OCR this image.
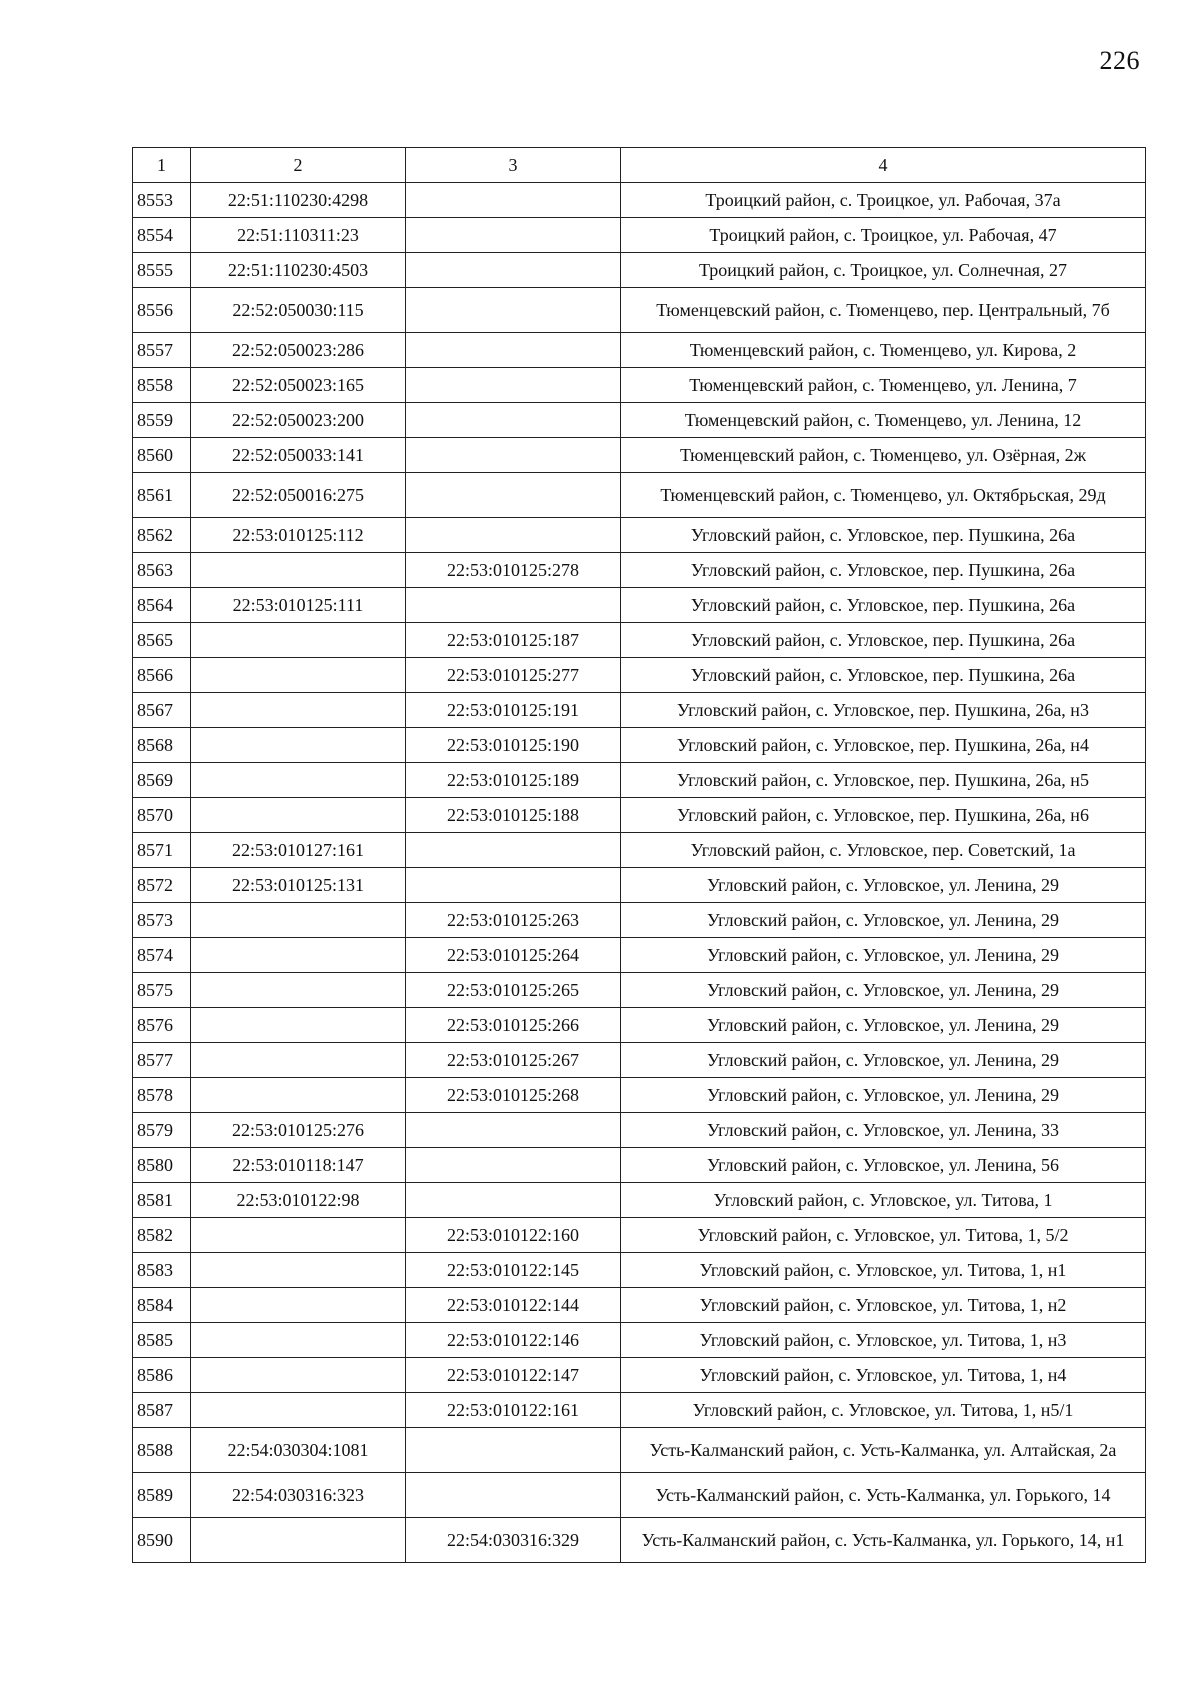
226
1	2	3	4
8553	22:51:110230:4298		Троицкий район, с. Троицкое, ул. Рабочая, 37а
8554	22:51:110311:23		Троицкий район, с. Троицкое, ул. Рабочая, 47
8555	22:51:110230:4503		Троицкий район, с. Троицкое, ул. Солнечная, 27
8556	22:52:050030:115		Тюменцевский район, с. Тюменцево, пер. Центральный, 7б
8557	22:52:050023:286		Тюменцевский район, с. Тюменцево, ул. Кирова, 2
8558	22:52:050023:165		Тюменцевский район, с. Тюменцево, ул. Ленина, 7
8559	22:52:050023:200		Тюменцевский район, с. Тюменцево, ул. Ленина, 12
8560	22:52:050033:141		Тюменцевский район, с. Тюменцево, ул. Озёрная, 2ж
8561	22:52:050016:275		Тюменцевский район, с. Тюменцево, ул. Октябрьская, 29д
8562	22:53:010125:112		Угловский район, с. Угловское, пер. Пушкина, 26а
8563		22:53:010125:278	Угловский район, с. Угловское, пер. Пушкина, 26а
8564	22:53:010125:111		Угловский район, с. Угловское, пер. Пушкина, 26а
8565		22:53:010125:187	Угловский район, с. Угловское, пер. Пушкина, 26а
8566		22:53:010125:277	Угловский район, с. Угловское, пер. Пушкина, 26а
8567		22:53:010125:191	Угловский район, с. Угловское, пер. Пушкина, 26а, н3
8568		22:53:010125:190	Угловский район, с. Угловское, пер. Пушкина, 26а, н4
8569		22:53:010125:189	Угловский район, с. Угловское, пер. Пушкина, 26а, н5
8570		22:53:010125:188	Угловский район, с. Угловское, пер. Пушкина, 26а, н6
8571	22:53:010127:161		Угловский район, с. Угловское, пер. Советский, 1а
8572	22:53:010125:131		Угловский район, с. Угловское, ул. Ленина, 29
8573		22:53:010125:263	Угловский район, с. Угловское, ул. Ленина, 29
8574		22:53:010125:264	Угловский район, с. Угловское, ул. Ленина, 29
8575		22:53:010125:265	Угловский район, с. Угловское, ул. Ленина, 29
8576		22:53:010125:266	Угловский район, с. Угловское, ул. Ленина, 29
8577		22:53:010125:267	Угловский район, с. Угловское, ул. Ленина, 29
8578		22:53:010125:268	Угловский район, с. Угловское, ул. Ленина, 29
8579	22:53:010125:276		Угловский район, с. Угловское, ул. Ленина, 33
8580	22:53:010118:147		Угловский район, с. Угловское, ул. Ленина, 56
8581	22:53:010122:98		Угловский район, с. Угловское, ул. Титова, 1
8582		22:53:010122:160	Угловский район, с. Угловское, ул. Титова, 1, 5/2
8583		22:53:010122:145	Угловский район, с. Угловское, ул. Титова, 1, н1
8584		22:53:010122:144	Угловский район, с. Угловское, ул. Титова, 1, н2
8585		22:53:010122:146	Угловский район, с. Угловское, ул. Титова, 1, н3
8586		22:53:010122:147	Угловский район, с. Угловское, ул. Титова, 1, н4
8587		22:53:010122:161	Угловский район, с. Угловское, ул. Титова, 1, н5/1
8588	22:54:030304:1081		Усть-Калманский район, с. Усть-Калманка, ул. Алтайская, 2а
8589	22:54:030316:323		Усть-Калманский район, с. Усть-Калманка, ул. Горького, 14
8590		22:54:030316:329	Усть-Калманский район, с. Усть-Калманка, ул. Горького, 14, н1
